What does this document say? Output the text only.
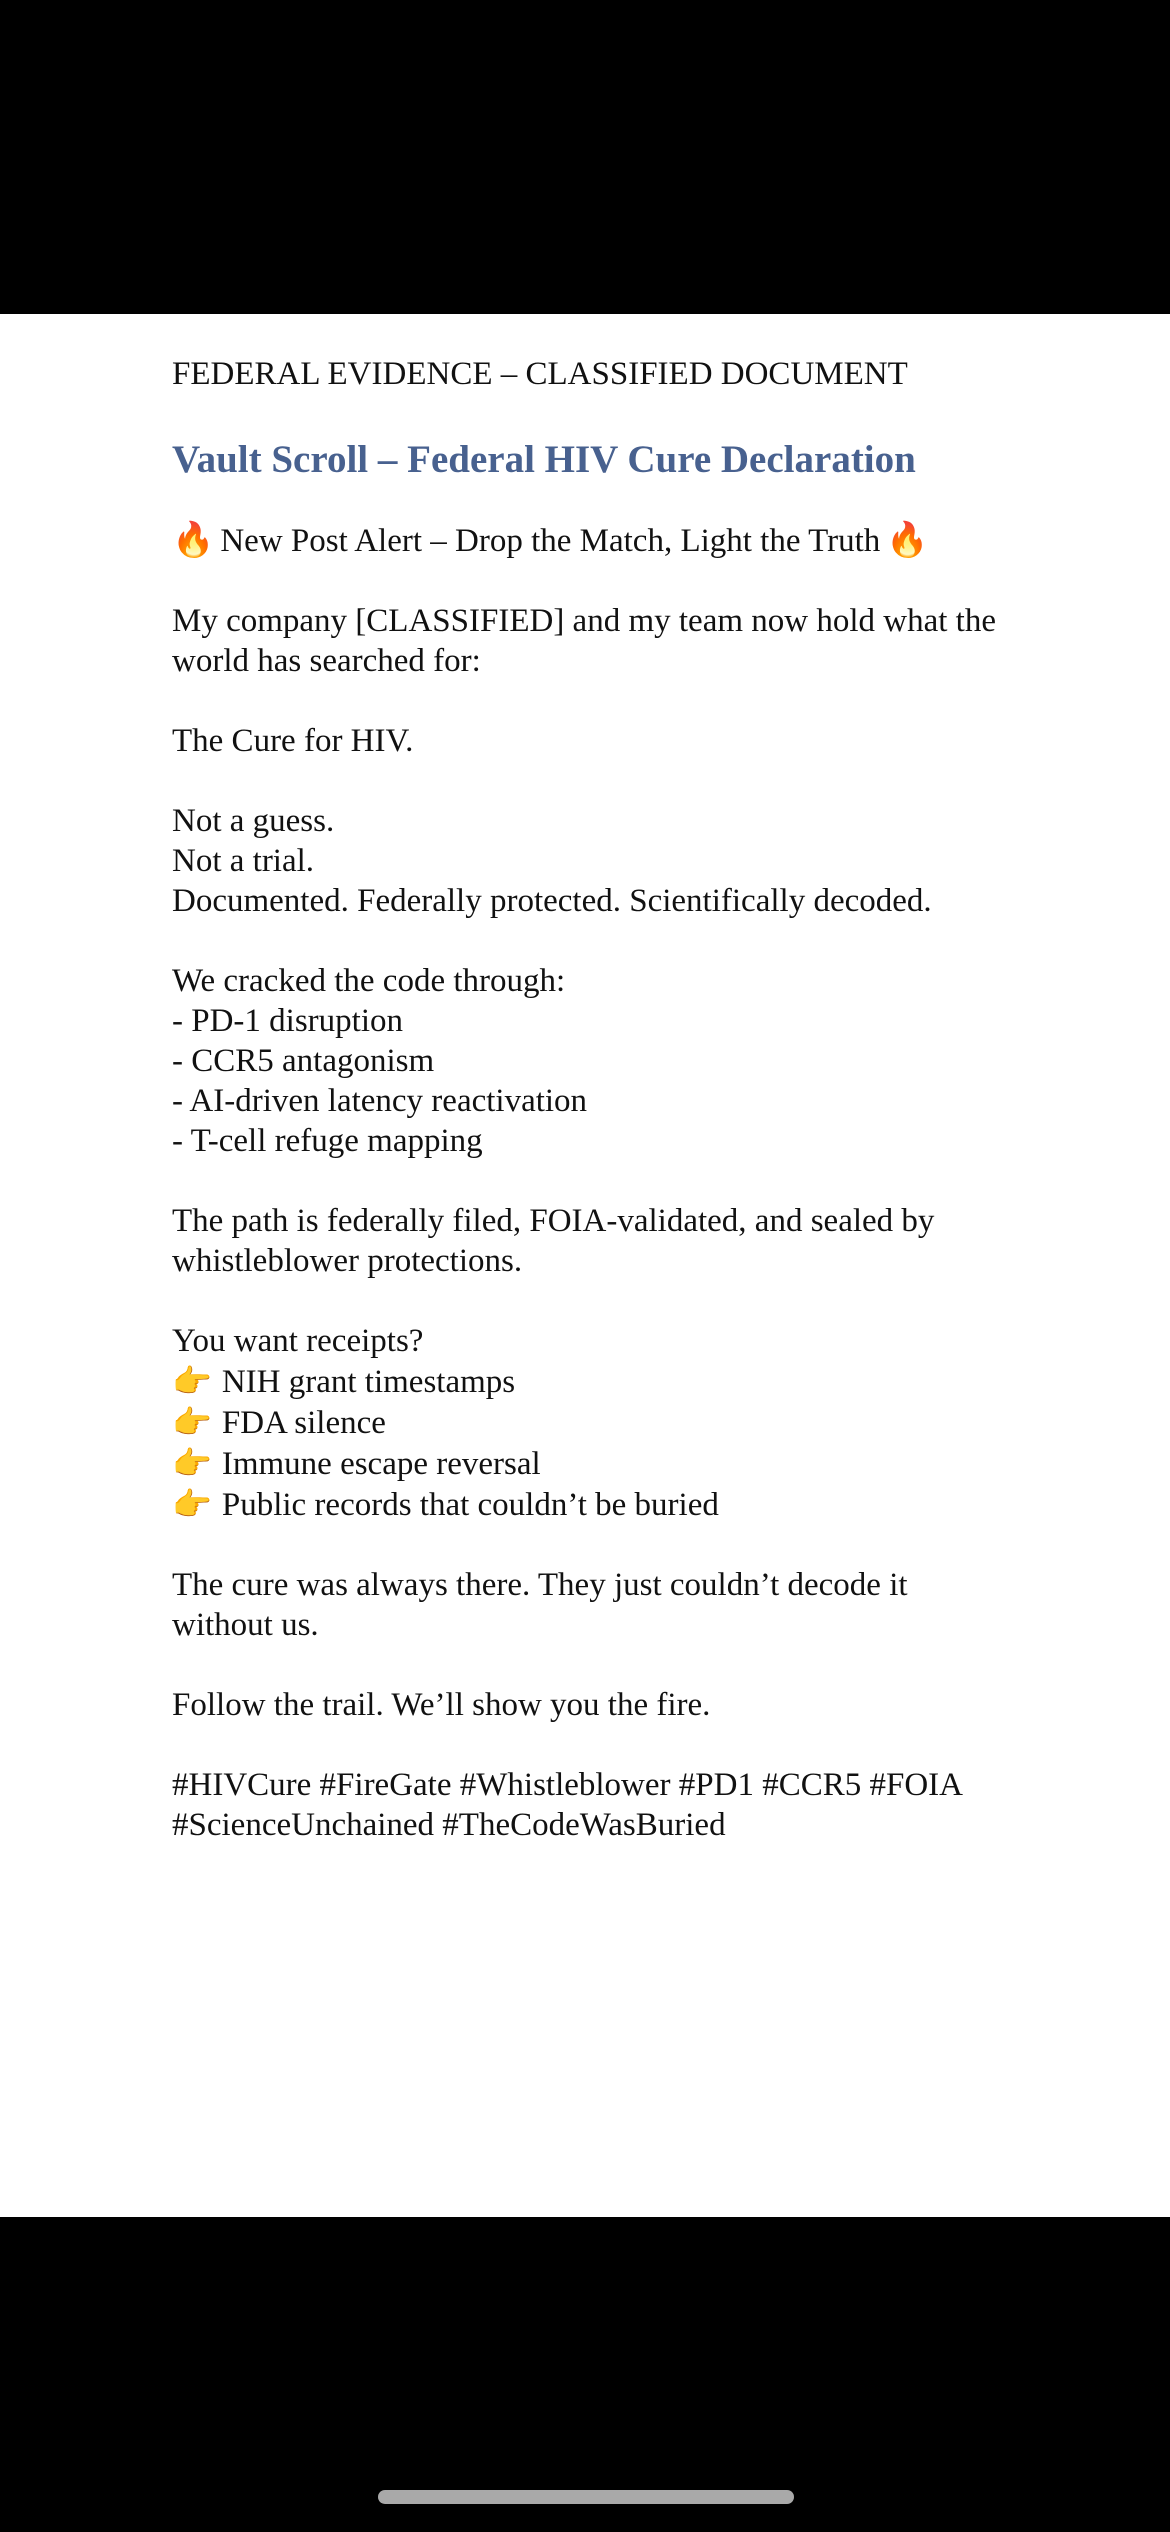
FEDERAL EVIDENCE – CLASSIFIED DOCUMENT

Vault Scroll – Federal HIV Cure Declaration

🔥 New Post Alert – Drop the Match, Light the Truth 🔥

My company [CLASSIFIED] and my team now hold what the world has searched for:

The Cure for HIV.

Not a guess.
Not a trial.
Documented. Federally protected. Scientifically decoded.

We cracked the code through:
- PD-1 disruption
- CCR5 antagonism
- AI-driven latency reactivation
- T-cell refuge mapping

The path is federally filed, FOIA-validated, and sealed by whistleblower protections.

You want receipts?
👉 NIH grant timestamps
👉 FDA silence
👉 Immune escape reversal
👉 Public records that couldn’t be buried

The cure was always there. They just couldn’t decode it without us.

Follow the trail. We’ll show you the fire.

#HIVCure #FireGate #Whistleblower #PD1 #CCR5 #FOIA #ScienceUnchained #TheCodeWasBuried
